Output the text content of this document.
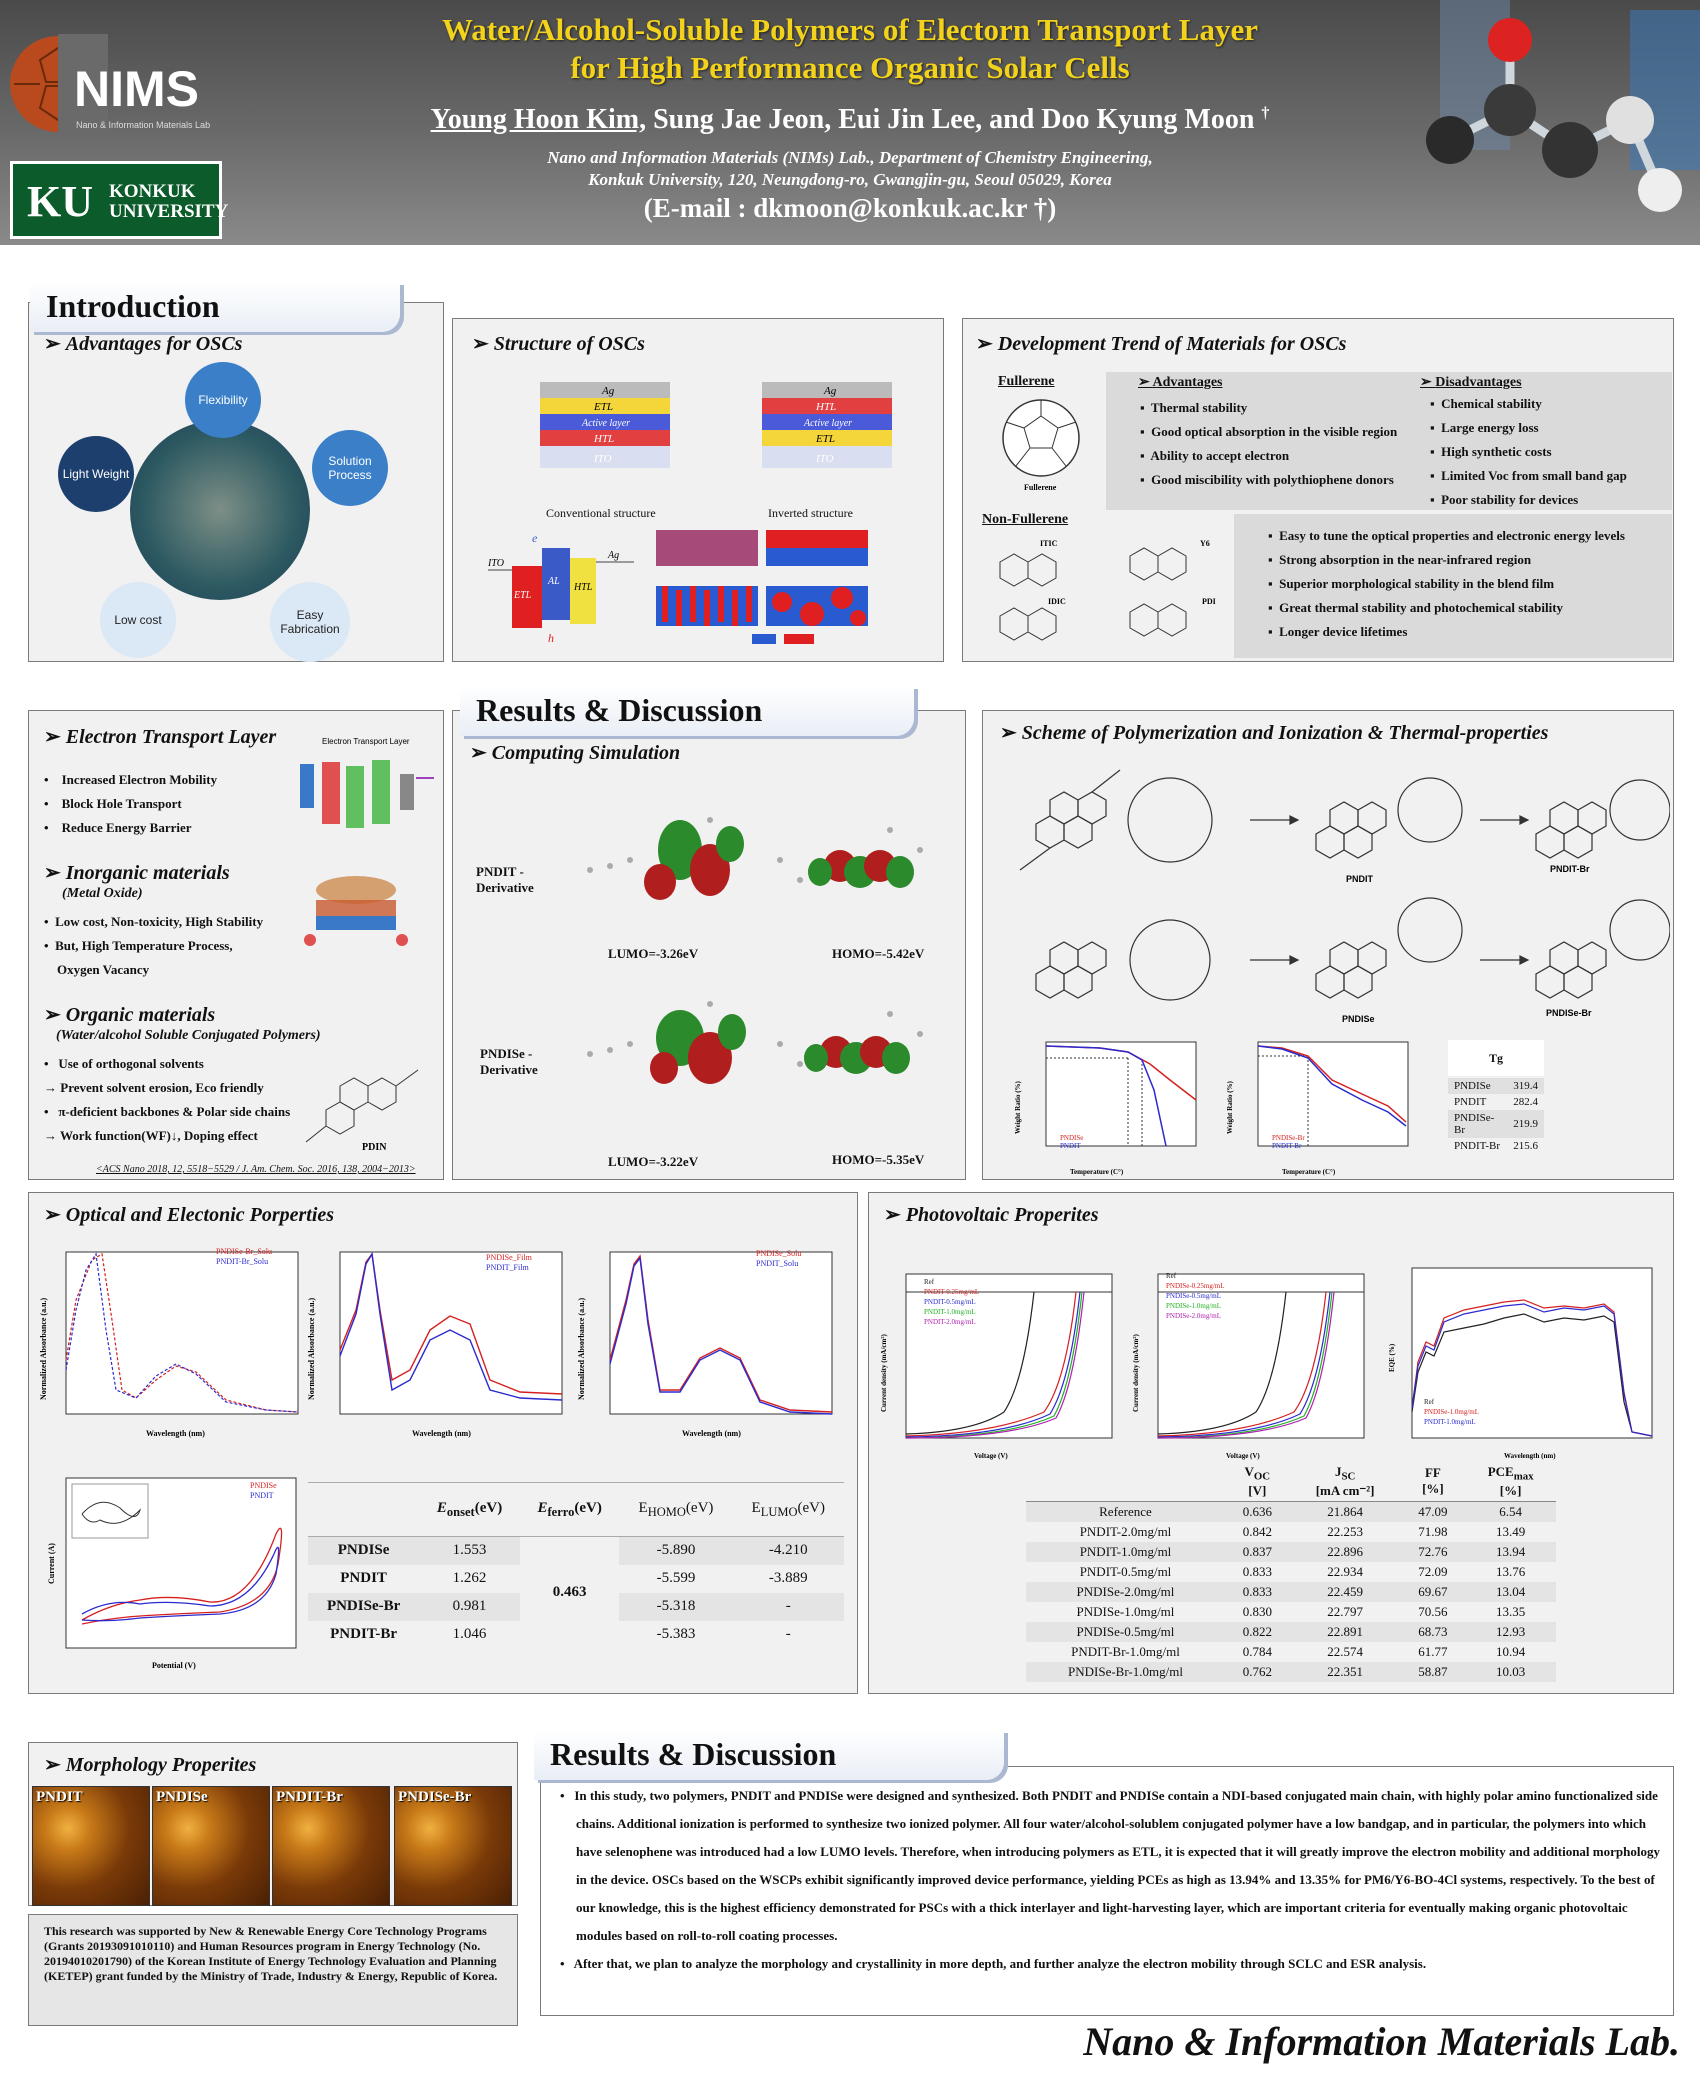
NIMS
Nano & Information Materials Lab
KU KONKUK
UNIVERSITY
Water/Alcohol-Soluble Polymers of Electorn Transport Layer
for High Performance Organic Solar Cells
Young Hoon Kim, Sung Jae Jeon, Eui Jin Lee, and Doo Kyung Moon †
Nano and Information Materials (NIMs) Lab., Department of Chemistry Engineering,
Konkuk University, 120, Neungdong-ro, Gwangjin-gu, Seoul 05029, Korea
(E-mail : dkmoon@konkuk.ac.kr †)
Introduction
➢ Advantages for OSCs
Flexibility
Solution Process
Easy Fabrication
Low cost
Light Weight
➢ Structure of OSCs
Ag
ETL
Active layer
HTL
ITO
Ag
HTL
Active layer
ETL
ITO
Conventional structure	Inverted structure
ITO
HTL
AL
ETL
Ag
e
h
➢ Development Trend of Materials for OSCs
Fullerene
Fullerene
➢ Advantages
▪  Thermal stability
▪  Good optical absorption in the visible region
▪  Ability to accept electron
▪  Good miscibility with polythiophene donors
➢ Disadvantages
▪  Chemical stability
▪  Large energy loss
▪  High synthetic costs
▪  Limited Voc from small band gap
▪  Poor stability for devices
Non-Fullerene
ITIC	Y6
IDIC	PDI
▪  Easy to tune the optical properties and electronic energy levels
▪  Strong absorption in the near-infrared region
▪  Superior morphological stability in the blend film
▪  Great thermal stability and photochemical stability
▪  Longer device lifetimes
➢ Electron Transport Layer
•    Increased Electron Mobility
•    Block Hole Transport
•    Reduce Energy Barrier
Electron Transport Layer
➢ Inorganic materials
(Metal Oxide)
•  Low cost, Non-toxicity, High Stability
•  But, High Temperature Process,
Oxygen Vacancy
➢ Organic materials
(Water/alcohol Soluble Conjugated Polymers)
•   Use of orthogonal solvents
→ Prevent solvent erosion, Eco friendly
•   π-deficient backbones & Polar side chains
→ Work function(WF)↓, Doping effect
PDIN
<ACS Nano 2018, 12, 5518−5529 / J. Am. Chem. Soc. 2016, 138, 2004−2013>
Results & Discussion
➢ Computing Simulation
PNDIT - Derivative
PNDISe - Derivative
LUMO=-3.26eV	HOMO=-5.42eV
LUMO=-3.22eV	HOMO=-5.35eV
➢ Scheme of Polymerization and Ionization & Thermal-properties
PNDIT
PNDIT-Br
PNDISe
PNDISe-Br
PNDISe
PNDIT
Temperature (C°)
Weight Ratio (%)
PNDISe-Br
PNDIT-Br
Temperature (C°)
Weight Ratio (%)
Tg
PNDISe	319.4
PNDIT	282.4
PNDISe-Br	219.9
PNDIT-Br	215.6
➢ Optical and Electonic Porperties
PNDISe-Br_Solu
PNDIT-Br_Solu
Wavelength (nm)
Normalized Absorbance (a.u.)
PNDISe_Film
PNDIT_Film
Wavelength (nm)
Normalized Absorbance (a.u.)
PNDISe_Solu
PNDIT_Solu
Wavelength (nm)
Normalized Absorbance (a.u.)
PNDISe
PNDIT
Potential (V)
Current (A)
	$E_{onset}(eV)$	$E_{ferro}(eV)$	$E_{HOMO}(eV)$	$E_{LUMO}(eV)$
PNDISe	1.553	0.463	-5.890	-4.210
PNDIT	1.262		-5.599	-3.889
PNDISe-Br	0.981		-5.318	-
PNDIT-Br	1.046		-5.383	-
➢ Photovoltaic Properites
Ref
PNDIT-0.25mg/mL
PNDIT-0.5mg/mL
PNDIT-1.0mg/mL
PNDIT-2.0mg/mL
Voltage (V)
Current density (mA/cm²)
Ref
PNDISe-0.25mg/mL
PNDISe-0.5mg/mL
PNDISe-1.0mg/mL
PNDISe-2.0mg/mL
Voltage (V)
Current density (mA/cm²)	Ref
PNDISe-1.0mg/mL
PNDIT-1.0mg/mL
Wavelength (nm)
EQE (%)
	$V_{OC}$
[V]	$J_{SC}$
[mA cm⁻²]	FF
[%]	$PCE_{max}$
[%]
Reference	0.636	21.864	47.09	6.54
PNDIT-2.0mg/ml	0.842	22.253	71.98	13.49
PNDIT-1.0mg/ml	0.837	22.896	72.76	13.94
PNDIT-0.5mg/ml	0.833	22.934	72.09	13.76
PNDISe-2.0mg/ml	0.833	22.459	69.67	13.04
PNDISe-1.0mg/ml	0.830	22.797	70.56	13.35
PNDISe-0.5mg/ml	0.822	22.891	68.73	12.93
PNDIT-Br-1.0mg/ml	0.784	22.574	61.77	10.94
PNDISe-Br-1.0mg/ml	0.762	22.351	58.87	10.03
➢ Morphology Properites
PNDIT	PNDISe	PNDIT-Br	PNDISe-Br
This research was supported by New & Renewable Energy Core Technology Programs (Grants 20193091010110) and Human Resources program in Energy Technology (No. 20194010201790) of the Korean Institute of Energy Technology Evaluation and Planning (KETEP) grant funded by the Ministry of Trade, Industry & Energy, Republic of Korea.
Results & Discussion
•   In this study, two polymers, PNDIT and PNDISe were designed and synthesized. Both PNDIT and PNDISe contain a NDI-based conjugated main chain, with highly polar amino functionalized side chains. Additional ionization is performed to synthesize two ionized polymer. All four water/alcohol-solublem conjugated polymer have a low bandgap, and in particular, the polymers into which have selenophene was introduced had a low LUMO levels. Therefore, when introducing polymers as ETL, it is expected that it will greatly improve the electron mobility and additional morphology in the device. OSCs based on the WSCPs exhibit significantly improved device performance, yielding PCEs as high as 13.94% and 13.35% for PM6/Y6-BO-4Cl systems, respectively. To the best of our knowledge, this is the highest efficiency demonstrated for PSCs with a thick interlayer and light-harvesting layer, which are important criteria for eventually making organic photovoltaic modules based on roll-to-roll coating processes.
•   After that, we plan to analyze the morphology and crystallinity in more depth, and further analyze the electron mobility through SCLC and ESR analysis.
Nano & Information Materials Lab.
